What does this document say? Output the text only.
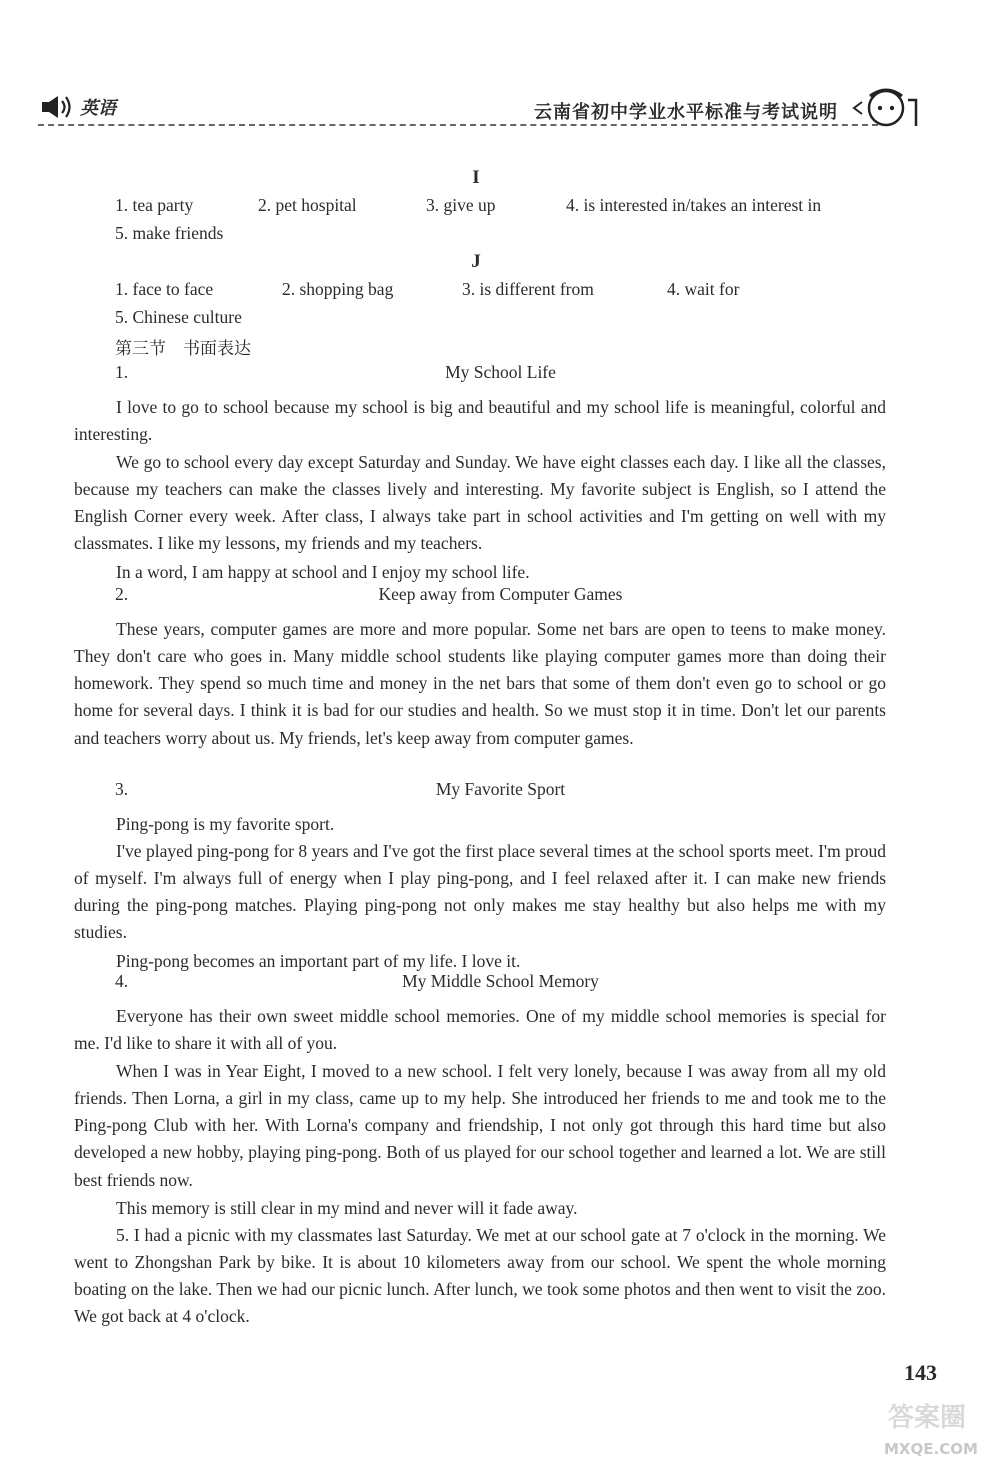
英语	云南省初中学业水平标准与考试说明
I
1. tea party	2. pet hospital	3. give up	4. is interested in/takes an interest in
5. make friends
J
1. face to face	2. shopping bag	3. is different from	4. wait for
5. Chinese culture
第三节　书面表达
1.	My School Life

I love to go to school because my school is big and beautiful and my school life is meaningful, colorful and interesting.

We go to school every day except Saturday and Sunday. We have eight classes each day. I like all the classes, because my teachers can make the classes lively and interesting. My favorite subject is English, so I attend the English Corner every week. After class, I always take part in school activities and I'm getting on well with my classmates. I like my lessons, my friends and my teachers.

In a word, I am happy at school and I enjoy my school life.

2.	Keep away from Computer Games

These years, computer games are more and more popular. Some net bars are open to teens to make money. They don't care who goes in. Many middle school students like playing computer games more than doing their homework. They spend so much time and money in the net bars that some of them don't even go to school or go home for several days. I think it is bad for our studies and health. So we must stop it in time. Don't let our parents and teachers worry about us. My friends, let's keep away from computer games.

3.	My Favorite Sport

Ping-pong is my favorite sport.

I've played ping-pong for 8 years and I've got the first place several times at the school sports meet. I'm proud of myself. I'm always full of energy when I play ping-pong, and I feel relaxed after it. I can make new friends during the ping-pong matches. Playing ping-pong not only makes me stay healthy but also helps me with my studies.

Ping-pong becomes an important part of my life. I love it.

4.	My Middle School Memory

Everyone has their own sweet middle school memories. One of my middle school memories is special for me. I'd like to share it with all of you.

When I was in Year Eight, I moved to a new school. I felt very lonely, because I was away from all my old friends. Then Lorna, a girl in my class, came up to my help. She introduced her friends to me and took me to the Ping-pong Club with her. With Lorna's company and friendship, I not only got through this hard time but also developed a new hobby, playing ping-pong. Both of us played for our school together and learned a lot. We are still best friends now.

This memory is still clear in my mind and never will it fade away.

5. I had a picnic with my classmates last Saturday. We met at our school gate at 7 o'clock in the morning. We went to Zhongshan Park by bike. It is about 10 kilometers away from our school. We spent the whole morning boating on the lake. Then we had our picnic lunch. After lunch, we took some photos and then went to visit the zoo. We got back at 4 o'clock.

143
答案圈
MXQE.COM
